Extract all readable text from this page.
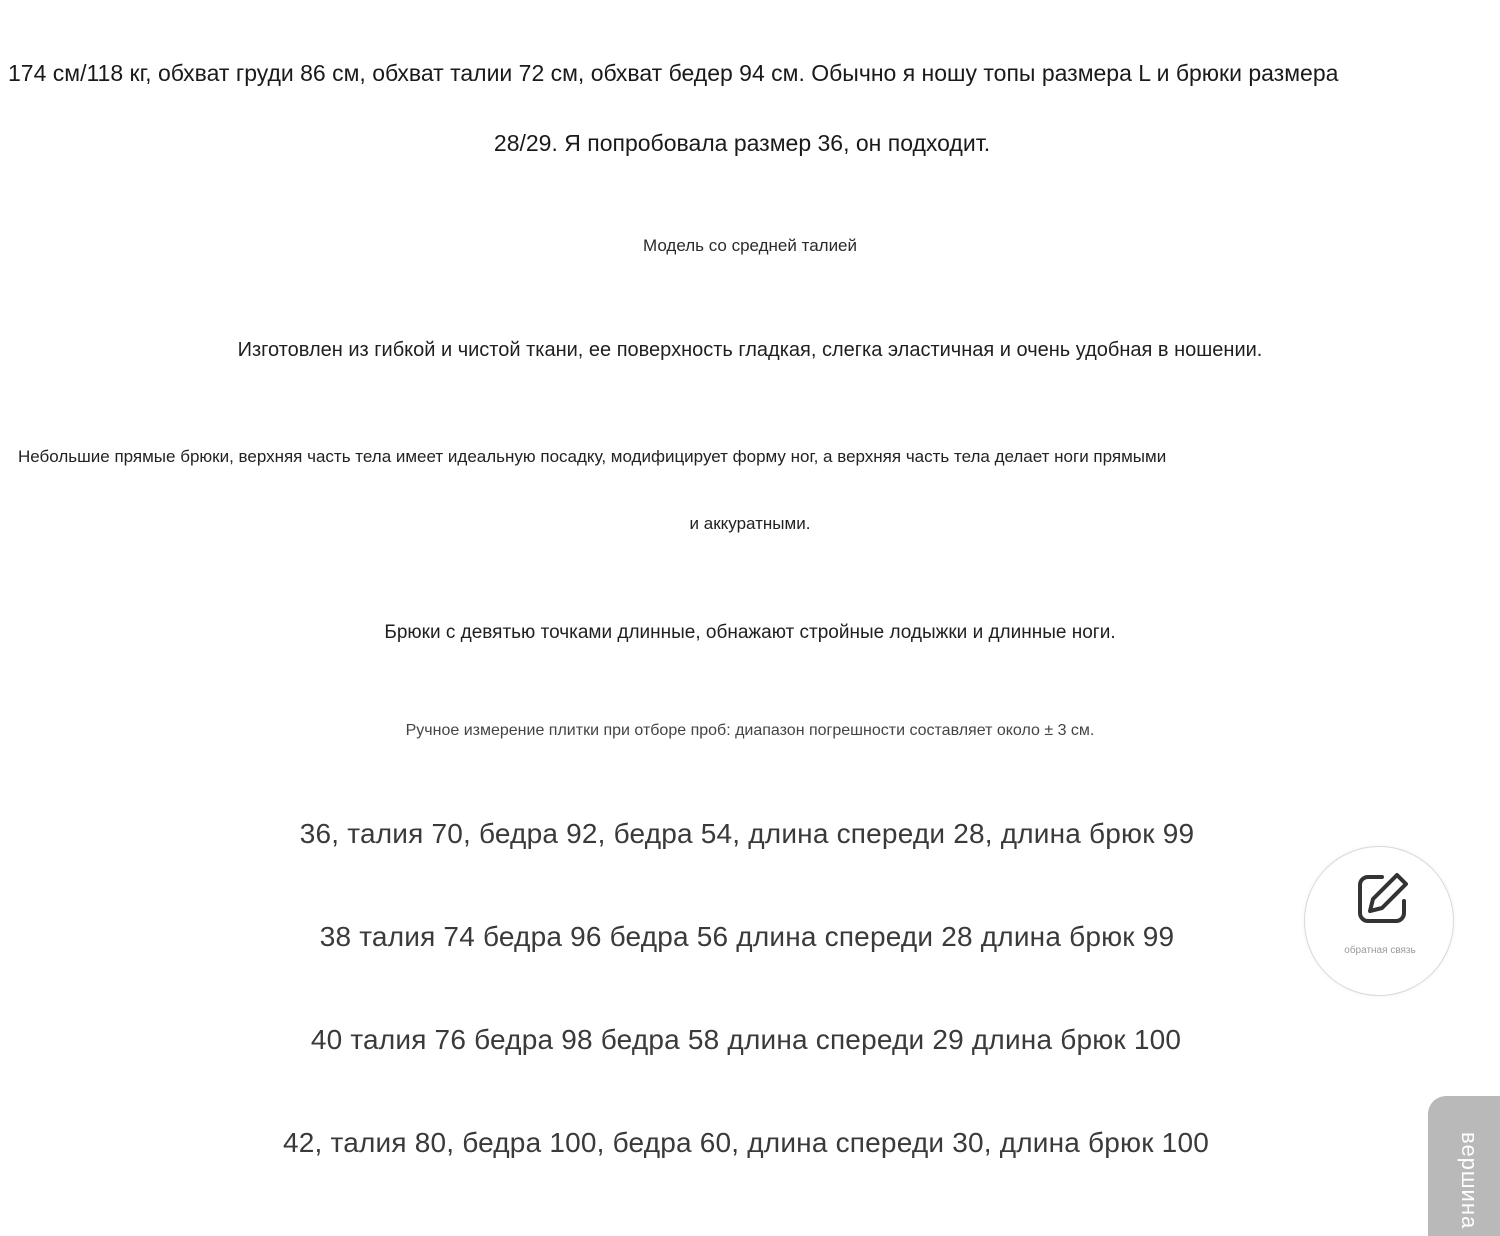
174 см/118 кг, обхват груди 86 см, обхват талии 72 см, обхват бедер 94 см. Обычно я ношу топы размера L и брюки размера
28/29. Я попробовала размер 36, он подходит.
Модель со средней талией
Изготовлен из гибкой и чистой ткани, ее поверхность гладкая, слегка эластичная и очень удобная в ношении.
Небольшие прямые брюки, верхняя часть тела имеет идеальную посадку, модифицирует форму ног, а верхняя часть тела делает ноги прямыми
и аккуратными.
Брюки с девятью точками длинные, обнажают стройные лодыжки и длинные ноги.
Ручное измерение плитки при отборе проб: диапазон погрешности составляет около ± 3 см.
36, талия 70, бедра 92, бедра 54, длина спереди 28, длина брюк 99
38 талия 74 бедра 96 бедра 56 длина спереди 28 длина брюк 99
40 талия 76 бедра 98 бедра 58 длина спереди 29 длина брюк 100
42, талия 80, бедра 100, бедра 60, длина спереди 30, длина брюк 100
обратная связь
вершина
